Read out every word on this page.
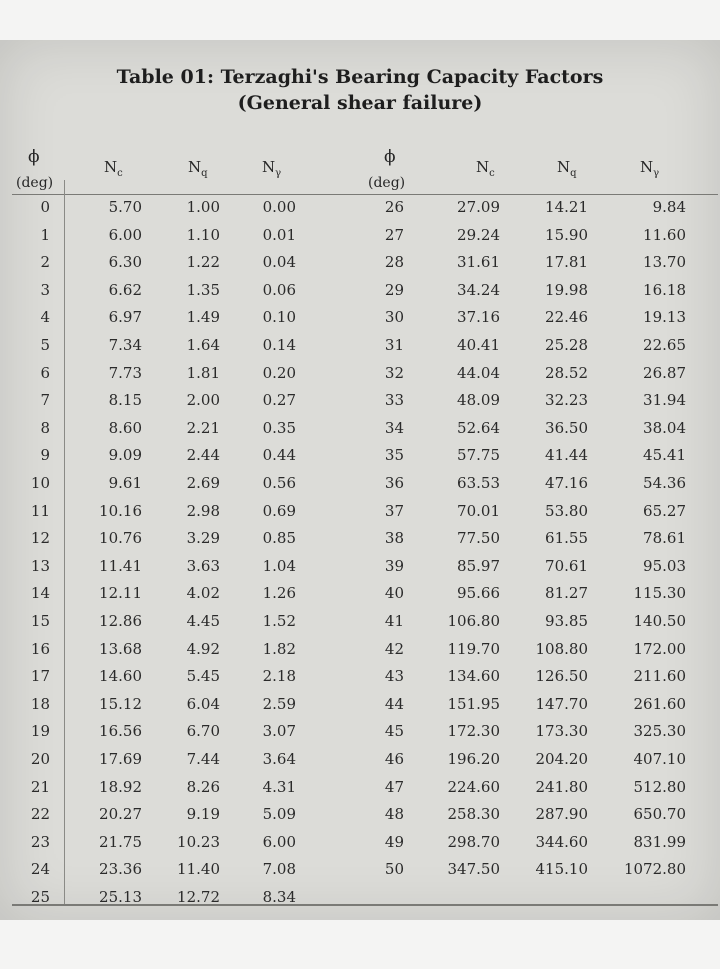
Table 01: Terzaghi's Bearing Capacity Factors
(General shear failure)
ϕ
(deg)
$N_c$	$N_q$	$N_\gamma$
ϕ
(deg)
$N_c$	$N_q$	$N_\gamma$
0	5.70	1.00	0.00
1	6.00	1.10	0.01
2	6.30	1.22	0.04
3	6.62	1.35	0.06
4	6.97	1.49	0.10
5	7.34	1.64	0.14
6	7.73	1.81	0.20
7	8.15	2.00	0.27
8	8.60	2.21	0.35
9	9.09	2.44	0.44
10	9.61	2.69	0.56
11	10.16	2.98	0.69
12	10.76	3.29	0.85
13	11.41	3.63	1.04
14	12.11	4.02	1.26
15	12.86	4.45	1.52
16	13.68	4.92	1.82
17	14.60	5.45	2.18
18	15.12	6.04	2.59
19	16.56	6.70	3.07
20	17.69	7.44	3.64
21	18.92	8.26	4.31
22	20.27	9.19	5.09
23	21.75 10.23	6.00
24	23.36 11.40	7.08
25	25.13 12.72	8.34
26	27.09	14.21	9.84
27	29.24	15.90	11.60
28	31.61	17.81	13.70
29	34.24	19.98	16.18
30	37.16	22.46	19.13
31	40.41	25.28	22.65
32	44.04	28.52	26.87
33	48.09	32.23	31.94
34	52.64	36.50	38.04
35	57.75	41.44	45.41
36	63.53	47.16	54.36
37	70.01	53.80	65.27
38	77.50	61.55	78.61
39	85.97	70.61	95.03
40	95.66	81.27	115.30
41	106.80	93.85	140.50
42	119.70 108.80	172.00
43	134.60 126.50	211.60
44	151.95 147.70	261.60
45	172.30 173.30	325.30
46	196.20 204.20	407.10
47	224.60 241.80	512.80
48	258.30 287.90	650.70
49	298.70 344.60	831.99
50	347.50 415.10 1072.80
